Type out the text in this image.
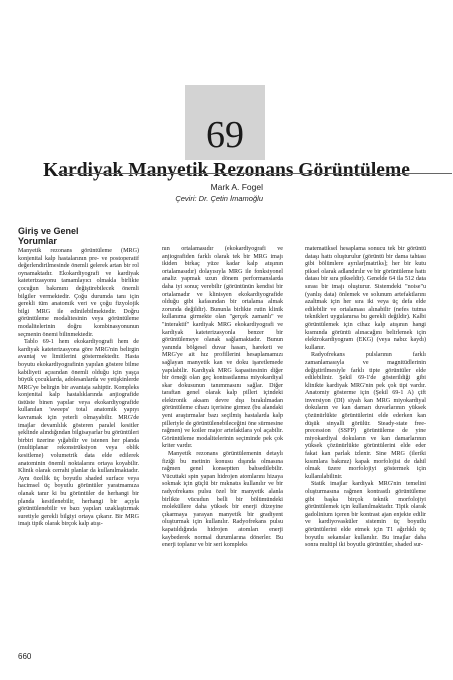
69
Kardiyak Manyetik Rezonans Görüntüleme
Mark A. Fogel
Çeviri: Dr. Çetin İmamoğlu
Giriş ve Genel
Yorumlar

Manyetik rezonans görüntüleme (MRG) konjenital kalp hastalarının pre- ve postoperatif değerlendirilmesinde önemli gelerek artan bir rol oynamaktadır. Ekokardiyografi ve kardiyak kateterizasyonu tamamlayıcı olmakla birlikte çocuğun bakımını değiştirebilecek önemli bilgiler vermektedir. Çoğu durumda tanı için gerekli tüm anatomik veri ve çoğu fizyolojik bilgi MRG ile edinilebilmektedir. Doğru görüntüleme modalitesinin veya görüntüleme modalitelerinin doğru kombinasyonunun seçmenin önemi bilinmektedir.

Tablo 69-1 hem ekokardiyografi hem de kardiyak kateterizasyona göre MRG'nin belirgin avantaj ve limitlerini göstermektedir. Hasta boyutu ekokardiyografinin yapılan göstere bilme kabiliyeti açısından önemli olduğu için yaşça büyük çocuklarda, adolesanlarda ve yetişkinlerde MRG'ye belirgin bir avantaja sahiptir. Kompleks konjenital kalp hastalıklarında anjiografide üstüste binen yapılar veya ekokardiyografide kullanılan 'sweeps' total anatomik yapıyı kavramak için yeterli olmayabilir. MRG'de imajlar devamlılık gösteren paralel kesitler şeklinde alındığından bilgisayarlar bu görüntüleri birbiri üzerine yığabilir ve istenen her planda (multiplanar rekonstrüksiyon veya oblik kesitleme) volumetrik data elde edilerek anatominin önemli noktalarını ortaya koyabilir. Klinik olarak cerrahi planlar da kullanılmaktadır. Aynı özellik üç boyutlu shaded surface veya hacimsel üç boyutlu görüntüler yaratmamıza olanak tanır ki bu görüntüler de herhangi bir planda kesitlenebilir, herhangi bir açıyla görüntülenebilir ve bazı yapıları uzaklaştırmak suretiyle gerekli bilgiyi ortaya çıkarır. Bir MRG imajı tipik olarak birçok kalp atışı-

nın ortalamasıdır (ekokardiyografi ve anjiografiden farklı olarak tek bir MRG imajı ikiden birkaç yüze kadar kalp atışının ortalamasıdır) dolayısıyla MRG ile fonksiyonel analiz yapmak uzun dönem performanslarda daha iyi sonuç verebilir (görüntünün kendisi bir ortalamadır ve klinisyen ekokardiyografide olduğu gibi kafasından bir ortalama almak zorunda değildir). Bununla birlikte rutin klinik kullanıma girmekte olan "gerçek zamanlı" ve "interaktif" kardiyak MRG ekokardiyografi ve kardiyak kateterizasyonla benzer bir görüntülemeye olanak sağlamaktadır. Bunun yanında bölgesel duvar hasarı, hareketi ve MRG'ye ait hız profillerini hesaplamamızı sağlayan manyetik kan ve doku işaretlemede yapılabilir. Kardiyak MRG kapasitesinin diğer bir örneği olan geç kontrastlanma miyokardiyal skar dokusunun tanımmasını sağlar. Diğer taraftan genel olarak kalp pilleri içindeki elektronik aksam devre dışı bırakılmadan görüntüleme cihazı içerisine girmez (bu alandaki yeni araştırmalar bazı seçilmiş hastalarda kalp pilleriyle de görüntülenebileceğini öne sürmesine rağmen) ve koiler major artefaktlara yol açabilir. Görüntüleme modalitelerinin seçiminde pek çok kriter vardır.

Manyetik rezonans görüntülemenin detaylı fiziği bu metinin konusu dışında olmasına rağmen genel konseptten bahsedilebilir. Vücuttaki spin yapan hidrojen atomlarını hizaya sokmak için güçlü bir mıknatıs kullanılır ve bir radyofrekans pulsu özel bir manyetik alanla birlikte vücudun belli bir bölümündeki moleküllere daha yüksek bir enerji düzeyine çıkarmaya yarayan manyetik bir gradiyent oluşturmak için kullanılır. Radyofrekans pulsu kapatıldığında hidrojen atomları enerji kaybederek normal durumlarına dönerler. Bu enerji toplanır ve bir seri kompleks

matematiksel hesaplama sonucu tek bir görüntü dataşı hattı oluşturulur (görüntü bir dama tahtası gibi bölümlere ayrılar[matriks]; her bir kutu piksel olarak adlandırılır ve bir görüntüleme hattı datası bir sıra pikseldir). Genelde 64 ila 512 data sırası bir imajı oluşturur. Sistemdeki "noise"u (yanlış data) önlemek ve solunum artefaktlarını azaltmak için her sıra iki veya üç defa elde edilebilir ve ortalaması alınabilir (nefes tutma teknikleri uygulanırsa bu gerekli değildir). Kalbi görüntülemek için cihaz kalp atışının hangi kısmında görüntü alınacağını belirlemek için elektrokardiyogram (EKG) (veya nabız kaydı) kullanır.

Radyofrekans pulslarının farklı zamanlamasıyla ve magnitüdlerinin değiştirilmesiyle farklı tipte görüntüler elde edilebilinir. Şekil 69-1'de gösterildiği gibi klinikte kardiyak MRG'nin pek çok tipi vardır. Anatomiy gösterme için (Şekil 69-1 A) çift inversiyon (DI) siyah kan MRG miyokardiyal dokuların ve kan damarı duvarlarının yüksek çözünürlükte görüntülerini elde ederken kan düşük sinyalli görülür. Steady-state free-precession (SSFP) görüntüleme de yine miyokardiyal dokuların ve kan damarlarının yüksek çözünürlükte görüntülerini elde eder fakat kan parlak izlenir. Sine MRG (ileriki kısımlara bakınız) kapak morfolojisi de dahil olmak üzere morfolojiyi göstermek için kullanılabilinir.

Statik imajlar kardiyak MRG'nin temelini oluşturmasına rağmen kontrastlı görüntüleme gibi başka birçok teknik morfolojiyi görüntülemek için kullanılmaktadır. Tipik olarak gadolinium içeren bir kontrast ajan enjekte edilir ve kardiyovasküler sistemin üç boyutlu görüntülerini elde etmek için T1 ağırlıklı üç boyutlu sekanslar kullanılır. Bu imajlar daha sonra multipl iki boyutlu görüntüler, shaded sur-

660
